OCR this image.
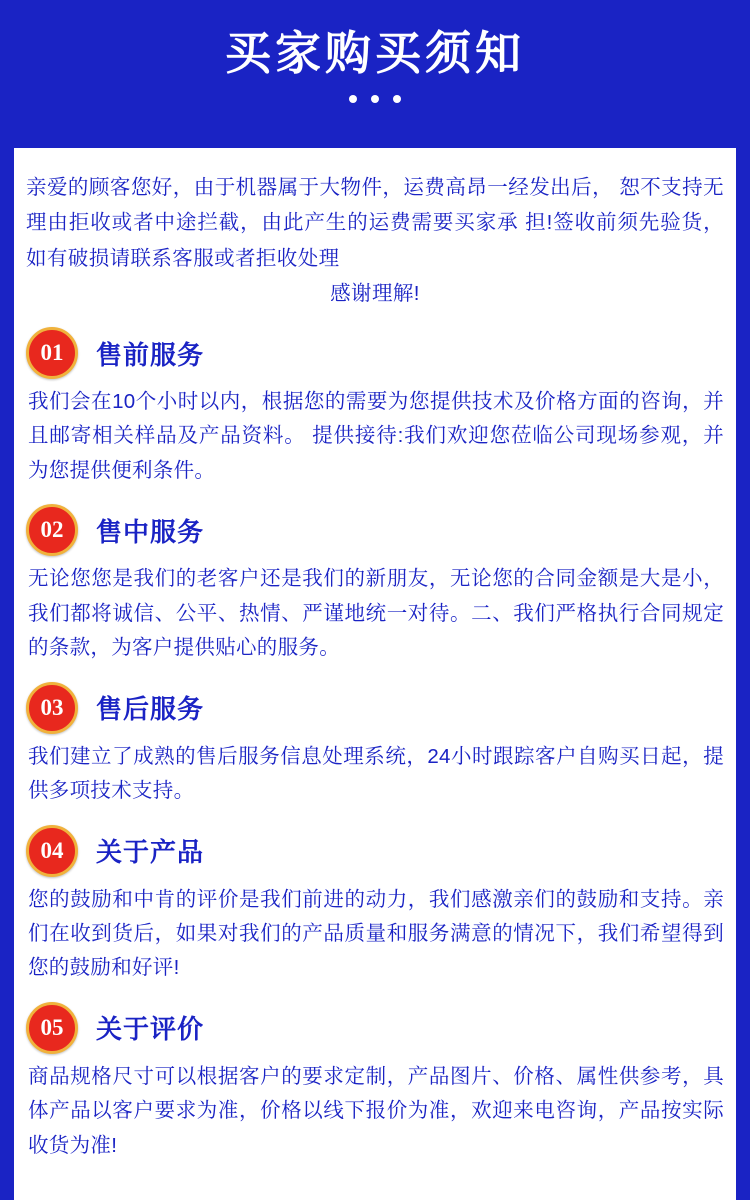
买家购买须知
亲爱的顾客您好，由于机器属于大物件，运费高昂一经发出后， 恕不支持无理由拒收或者中途拦截，由此产生的运费需要买家承 担!签收前须先验货，如有破损请联系客服或者拒收处理
感谢理解!
01	售前服务
我们会在10个小时以内，根据您的需要为您提供技术及价格方面的咨询，并且邮寄相关样品及产品资料。 提供接待:我们欢迎您莅临公司现场参观，并为您提供便利条件。
02	售中服务
无论您您是我们的老客户还是我们的新朋友，无论您的合同金额是大是小，我们都将诚信、公平、热情、严谨地统一对待。二、我们严格执行合同规定的条款，为客户提供贴心的服务。
03	售后服务
我们建立了成熟的售后服务信息处理系统，24小时跟踪客户自购买日起，提供多项技术支持。
04	关于产品
您的鼓励和中肯的评价是我们前进的动力，我们感激亲们的鼓励和支持。亲们在收到货后，如果对我们的产品质量和服务满意的情况下，我们希望得到您的鼓励和好评!
05	关于评价
商品规格尺寸可以根据客户的要求定制，产品图片、价格、属性供参考，具体产品以客户要求为准，价格以线下报价为准，欢迎来电咨询，产品按实际收货为准!
